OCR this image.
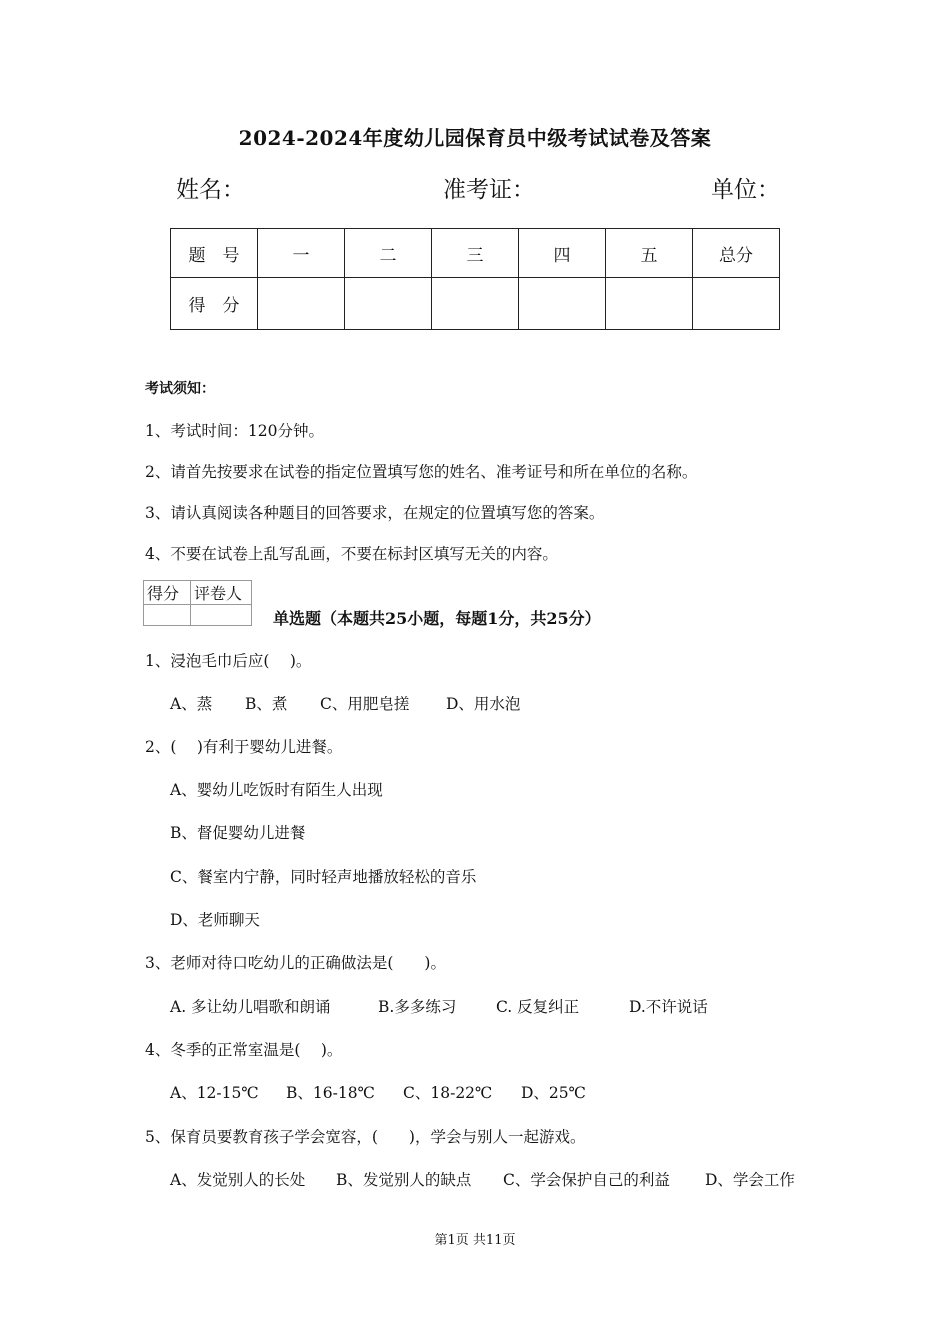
2024-2024年度幼儿园保育员中级考试试卷及答案
姓名：	准考证：	单位：
题　号	一	二	三	四	五	总分
得　分						
考试须知：
1、考试时间：120分钟。
2、请首先按要求在试卷的指定位置填写您的姓名、准考证号和所在单位的名称。
3、请认真阅读各种题目的回答要求，在规定的位置填写您的答案。
4、不要在试卷上乱写乱画，不要在标封区填写无关的内容。
得分	评卷人

单选题（本题共25小题，每题1分，共25分）
1、浸泡毛巾后应(　 )。
A、蒸 B、煮 C、用肥皂搓 D、用水泡
2、(　 )有利于婴幼儿进餐。
A、婴幼儿吃饭时有陌生人出现
B、督促婴幼儿进餐
C、餐室内宁静，同时轻声地播放轻松的音乐
D、老师聊天
3、老师对待口吃幼儿的正确做法是(　　)。
A. 多让幼儿唱歌和朗诵	B.多多练习	C. 反复纠正	D.不许说话
4、冬季的正常室温是(　 )。
A、12-15℃ B、16-18℃ C、18-22℃ D、25℃
5、保育员要教育孩子学会宽容，(　　)，学会与别人一起游戏。
A、发觉别人的长处 B、发觉别人的缺点 C、学会保护自己的利益 D、学会工作
第1页 共11页
